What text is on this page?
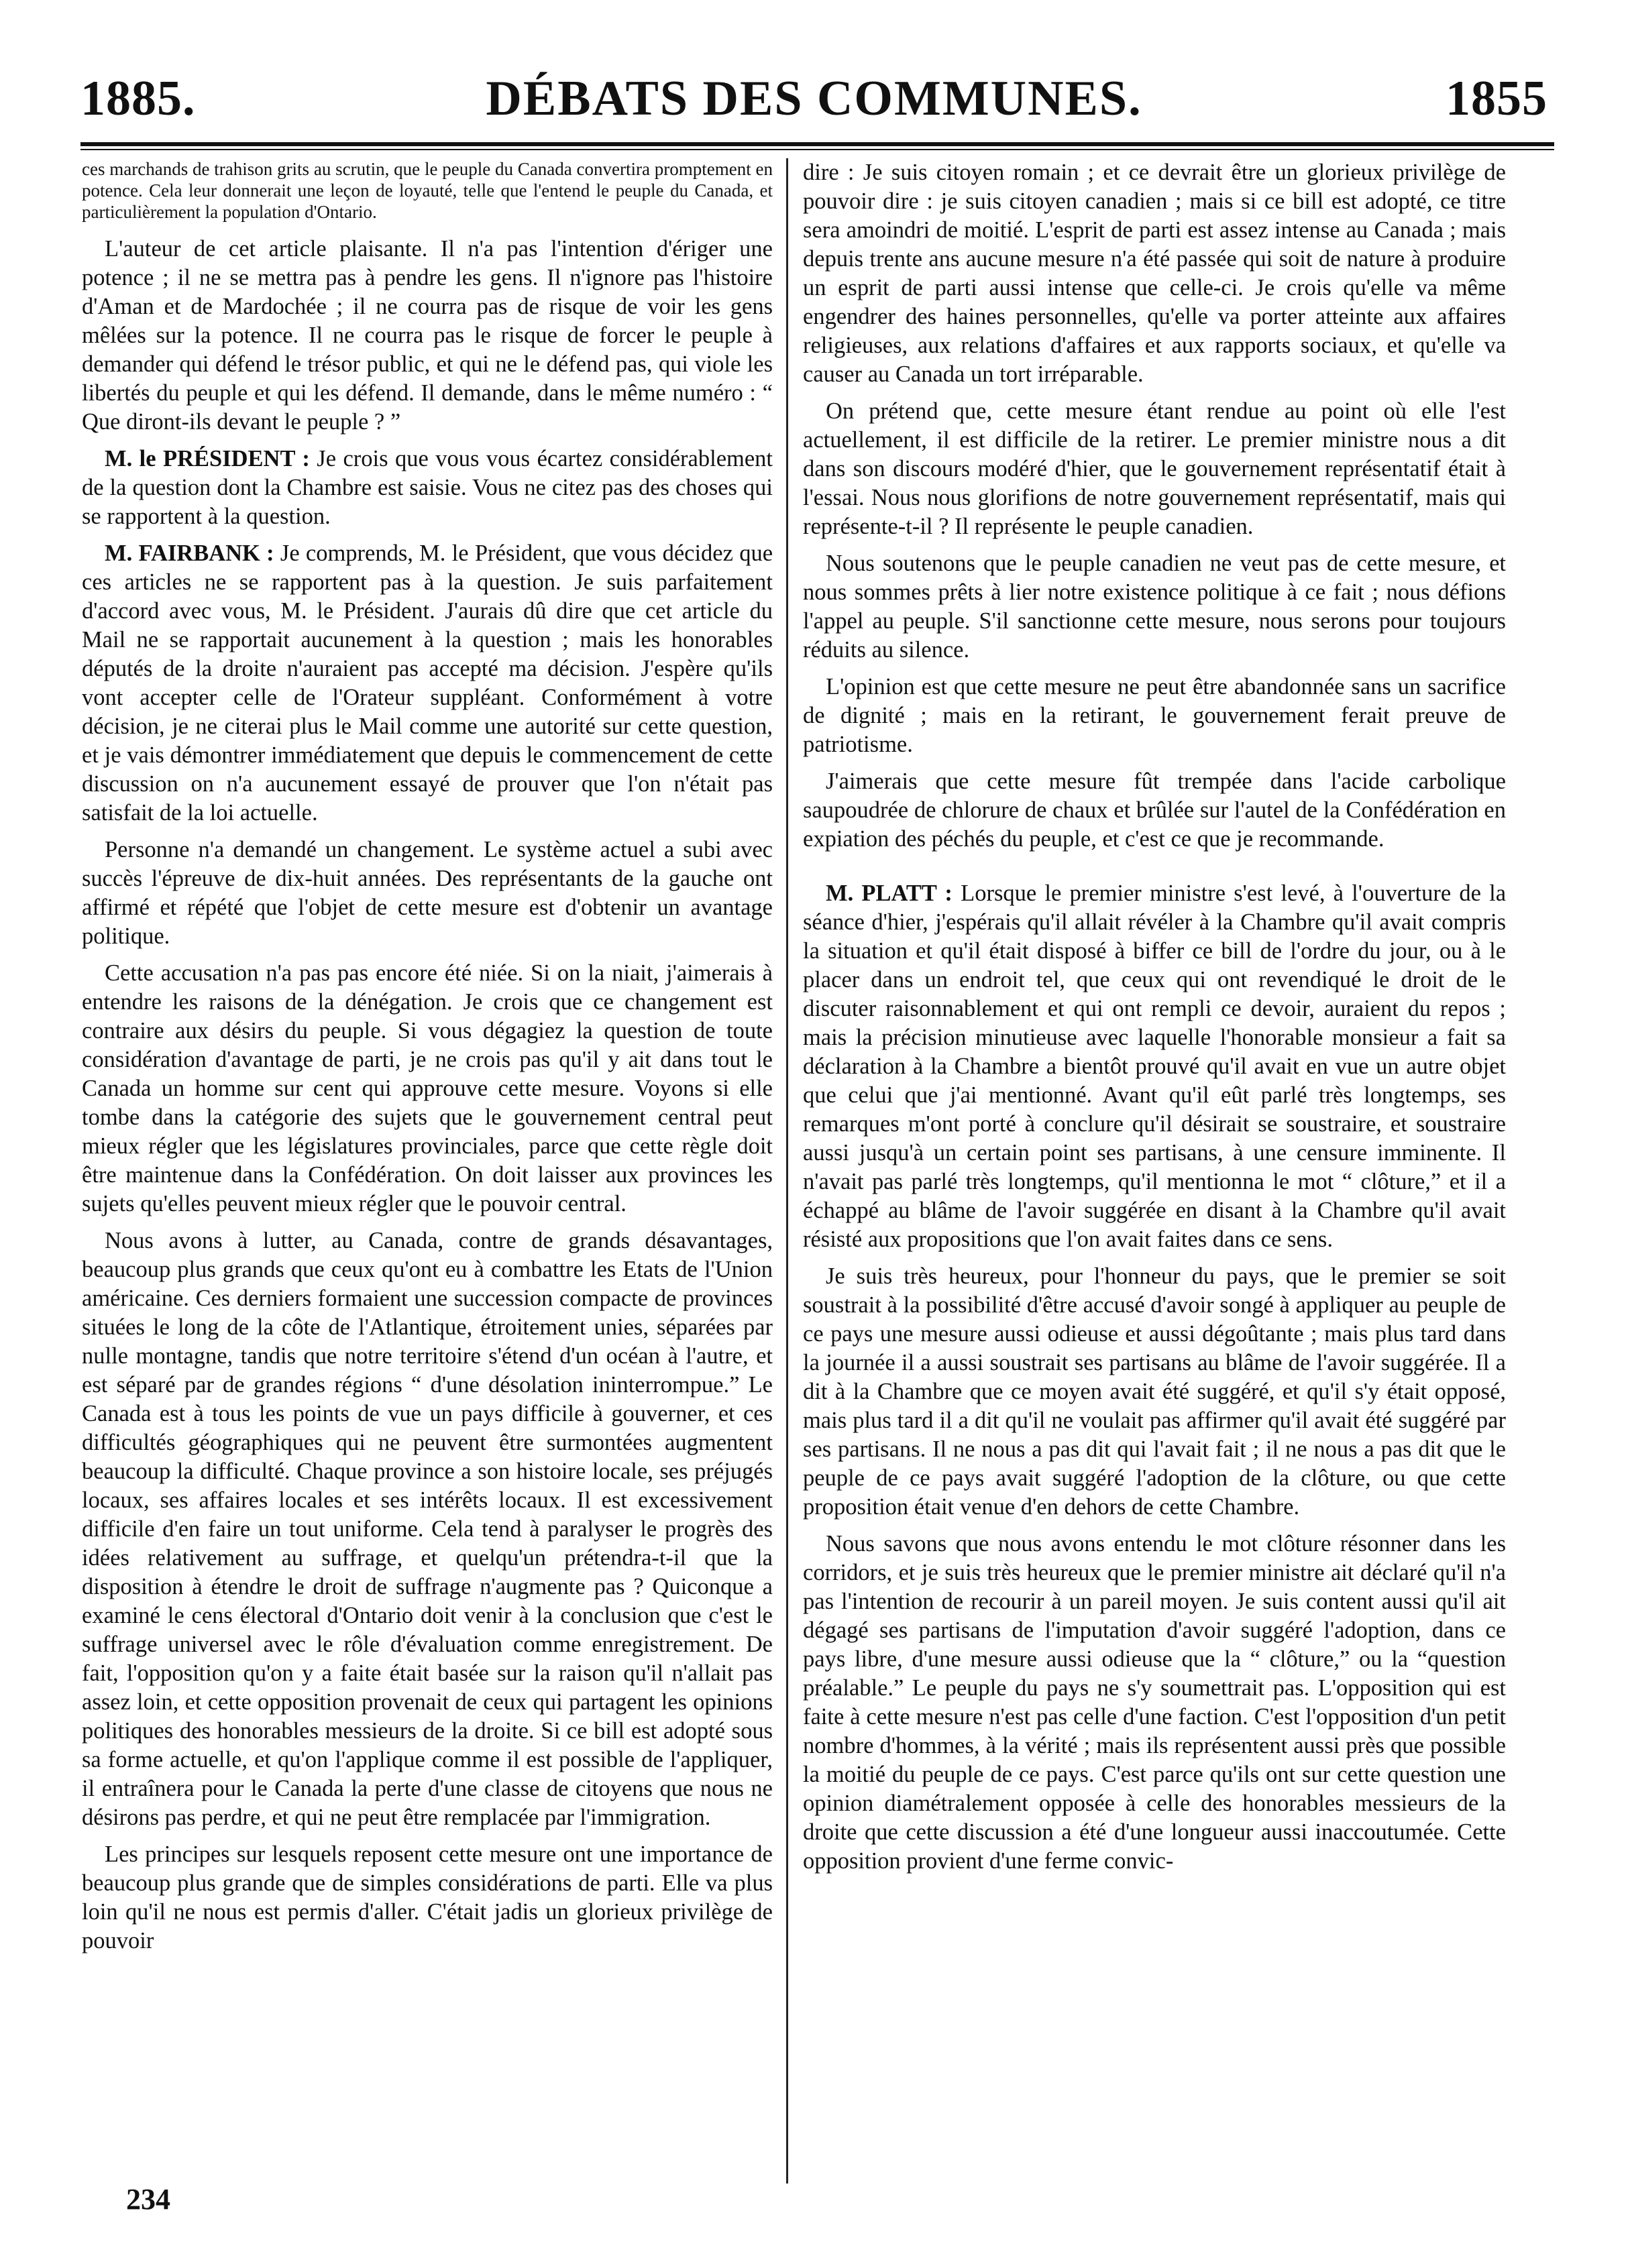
1885.	DÉBATS DES COMMUNES.	1855

ces marchands de trahison grits au scrutin, que le peuple du Canada convertira promptement en potence. Cela leur donnerait une leçon de loyauté, telle que l'entend le peuple du Canada, et particulièrement la population d'Ontario.

L'auteur de cet article plaisante. Il n'a pas l'intention d'ériger une potence ; il ne se mettra pas à pendre les gens. Il n'ignore pas l'histoire d'Aman et de Mardochée ; il ne courra pas de risque de voir les gens mêlées sur la potence. Il ne courra pas le risque de forcer le peuple à demander qui défend le trésor public, et qui ne le défend pas, qui viole les libertés du peuple et qui les défend. Il demande, dans le même numéro : “ Que diront-ils devant le peuple ? ”

M. le PRÉSIDENT : Je crois que vous vous écartez considérablement de la question dont la Chambre est saisie. Vous ne citez pas des choses qui se rapportent à la question.

M. FAIRBANK : Je comprends, M. le Président, que vous décidez que ces articles ne se rapportent pas à la question. Je suis parfaitement d'accord avec vous, M. le Président. J'aurais dû dire que cet article du Mail ne se rapportait aucunement à la question ; mais les honorables députés de la droite n'auraient pas accepté ma décision. J'espère qu'ils vont accepter celle de l'Orateur suppléant. Conformément à votre décision, je ne citerai plus le Mail comme une autorité sur cette question, et je vais démontrer immédiatement que depuis le commencement de cette discussion on n'a aucunement essayé de prouver que l'on n'était pas satisfait de la loi actuelle.

Personne n'a demandé un changement. Le système actuel a subi avec succès l'épreuve de dix-huit années. Des représentants de la gauche ont affirmé et répété que l'objet de cette mesure est d'obtenir un avantage politique.

Cette accusation n'a pas pas encore été niée. Si on la niait, j'aimerais à entendre les raisons de la dénégation. Je crois que ce changement est contraire aux désirs du peuple. Si vous dégagiez la question de toute considération d'avantage de parti, je ne crois pas qu'il y ait dans tout le Canada un homme sur cent qui approuve cette mesure. Voyons si elle tombe dans la catégorie des sujets que le gouvernement central peut mieux régler que les législatures provinciales, parce que cette règle doit être maintenue dans la Confédération. On doit laisser aux provinces les sujets qu'elles peuvent mieux régler que le pouvoir central.

Nous avons à lutter, au Canada, contre de grands désavantages, beaucoup plus grands que ceux qu'ont eu à combattre les Etats de l'Union américaine. Ces derniers formaient une succession compacte de provinces situées le long de la côte de l'Atlantique, étroitement unies, séparées par nulle montagne, tandis que notre territoire s'étend d'un océan à l'autre, et est séparé par de grandes régions “ d'une désolation ininterrompue.” Le Canada est à tous les points de vue un pays difficile à gouverner, et ces difficultés géographiques qui ne peuvent être surmontées augmentent beaucoup la difficulté. Chaque province a son histoire locale, ses préjugés locaux, ses affaires locales et ses intérêts locaux. Il est excessivement difficile d'en faire un tout uniforme. Cela tend à paralyser le progrès des idées relativement au suffrage, et quelqu'un prétendra-t-il que la disposition à étendre le droit de suffrage n'augmente pas ? Quiconque a examiné le cens électoral d'Ontario doit venir à la conclusion que c'est le suffrage universel avec le rôle d'évaluation comme enregistrement. De fait, l'opposition qu'on y a faite était basée sur la raison qu'il n'allait pas assez loin, et cette opposition provenait de ceux qui partagent les opinions politiques des honorables messieurs de la droite. Si ce bill est adopté sous sa forme actuelle, et qu'on l'applique comme il est possible de l'appliquer, il entraînera pour le Canada la perte d'une classe de citoyens que nous ne désirons pas perdre, et qui ne peut être remplacée par l'immigration.

Les principes sur lesquels reposent cette mesure ont une importance de beaucoup plus grande que de simples considérations de parti. Elle va plus loin qu'il ne nous est permis d'aller. C'était jadis un glorieux privilège de pouvoir

dire : Je suis citoyen romain ; et ce devrait être un glorieux privilège de pouvoir dire : je suis citoyen canadien ; mais si ce bill est adopté, ce titre sera amoindri de moitié. L'esprit de parti est assez intense au Canada ; mais depuis trente ans aucune mesure n'a été passée qui soit de nature à produire un esprit de parti aussi intense que celle-ci. Je crois qu'elle va même engendrer des haines personnelles, qu'elle va porter atteinte aux affaires religieuses, aux relations d'affaires et aux rapports sociaux, et qu'elle va causer au Canada un tort irréparable.

On prétend que, cette mesure étant rendue au point où elle l'est actuellement, il est difficile de la retirer. Le premier ministre nous a dit dans son discours modéré d'hier, que le gouvernement représentatif était à l'essai. Nous nous glorifions de notre gouvernement représentatif, mais qui représente-t-il ? Il représente le peuple canadien.

Nous soutenons que le peuple canadien ne veut pas de cette mesure, et nous sommes prêts à lier notre existence politique à ce fait ; nous défions l'appel au peuple. S'il sanctionne cette mesure, nous serons pour toujours réduits au silence.

L'opinion est que cette mesure ne peut être abandonnée sans un sacrifice de dignité ; mais en la retirant, le gouvernement ferait preuve de patriotisme.

J'aimerais que cette mesure fût trempée dans l'acide carbolique saupoudrée de chlorure de chaux et brûlée sur l'autel de la Confédération en expiation des péchés du peuple, et c'est ce que je recommande.

M. PLATT : Lorsque le premier ministre s'est levé, à l'ouverture de la séance d'hier, j'espérais qu'il allait révéler à la Chambre qu'il avait compris la situation et qu'il était disposé à biffer ce bill de l'ordre du jour, ou à le placer dans un endroit tel, que ceux qui ont revendiqué le droit de le discuter raisonnablement et qui ont rempli ce devoir, auraient du repos ; mais la précision minutieuse avec laquelle l'honorable monsieur a fait sa déclaration à la Chambre a bientôt prouvé qu'il avait en vue un autre objet que celui que j'ai mentionné. Avant qu'il eût parlé très longtemps, ses remarques m'ont porté à conclure qu'il désirait se soustraire, et soustraire aussi jusqu'à un certain point ses partisans, à une censure imminente. Il n'avait pas parlé très longtemps, qu'il mentionna le mot “ clôture,” et il a échappé au blâme de l'avoir suggérée en disant à la Chambre qu'il avait résisté aux propositions que l'on avait faites dans ce sens.

Je suis très heureux, pour l'honneur du pays, que le premier se soit soustrait à la possibilité d'être accusé d'avoir songé à appliquer au peuple de ce pays une mesure aussi odieuse et aussi dégoûtante ; mais plus tard dans la journée il a aussi soustrait ses partisans au blâme de l'avoir suggérée. Il a dit à la Chambre que ce moyen avait été suggéré, et qu'il s'y était opposé, mais plus tard il a dit qu'il ne voulait pas affirmer qu'il avait été suggéré par ses partisans. Il ne nous a pas dit qui l'avait fait ; il ne nous a pas dit que le peuple de ce pays avait suggéré l'adoption de la clôture, ou que cette proposition était venue d'en dehors de cette Chambre.

Nous savons que nous avons entendu le mot clôture résonner dans les corridors, et je suis très heureux que le premier ministre ait déclaré qu'il n'a pas l'intention de recourir à un pareil moyen. Je suis content aussi qu'il ait dégagé ses partisans de l'imputation d'avoir suggéré l'adoption, dans ce pays libre, d'une mesure aussi odieuse que la “ clôture,” ou la “question préalable.” Le peuple du pays ne s'y soumettrait pas. L'opposition qui est faite à cette mesure n'est pas celle d'une faction. C'est l'opposition d'un petit nombre d'hommes, à la vérité ; mais ils représentent aussi près que possible la moitié du peuple de ce pays. C'est parce qu'ils ont sur cette question une opinion diamétralement opposée à celle des honorables messieurs de la droite que cette discussion a été d'une longueur aussi inaccoutumée. Cette opposition provient d'une ferme convic-

234
